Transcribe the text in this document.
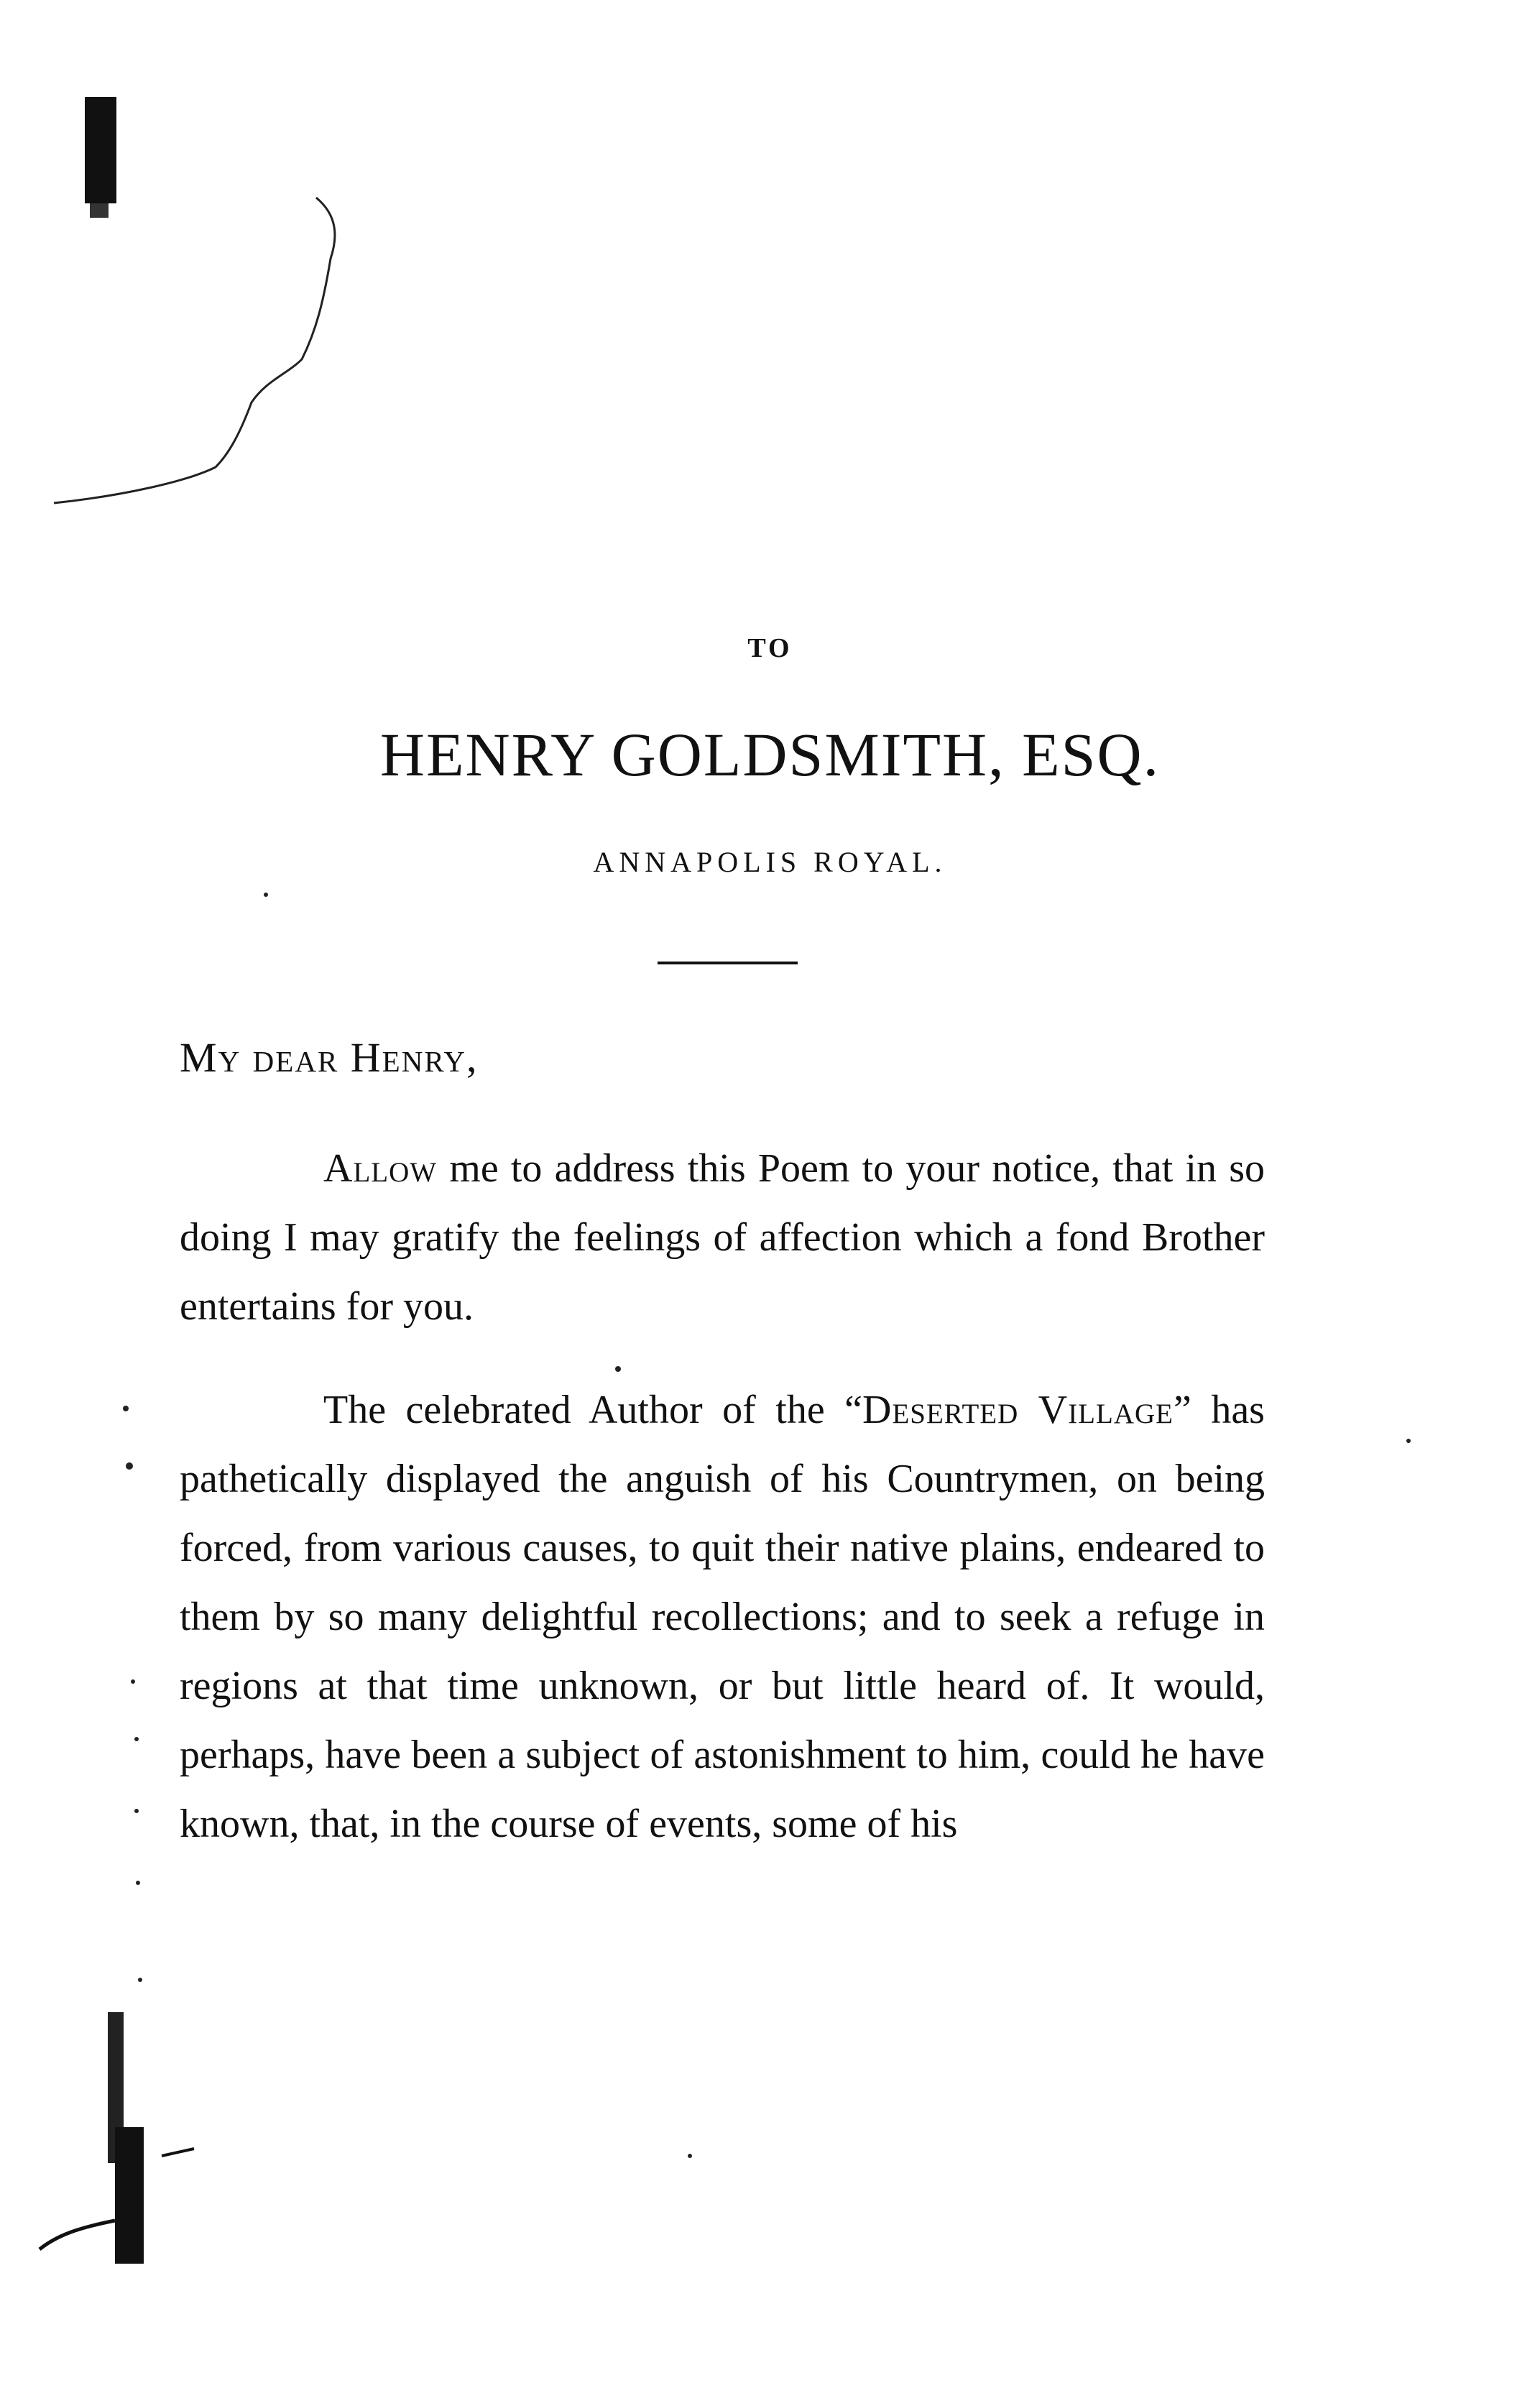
TO
HENRY GOLDSMITH, ESQ.
ANNAPOLIS ROYAL.
My dear Henry,

Allow me to address this Poem to your notice, that in so doing I may gratify the feelings of affection which a fond Brother entertains for you.

The celebrated Author of the “Deserted Village” has pathetically displayed the anguish of his Countrymen, on being forced, from various causes, to quit their native plains, endeared to them by so many delightful recollections; and to seek a refuge in regions at that time unknown, or but little heard of. It would, perhaps, have been a subject of astonishment to him, could he have known, that, in the course of events, some of his
